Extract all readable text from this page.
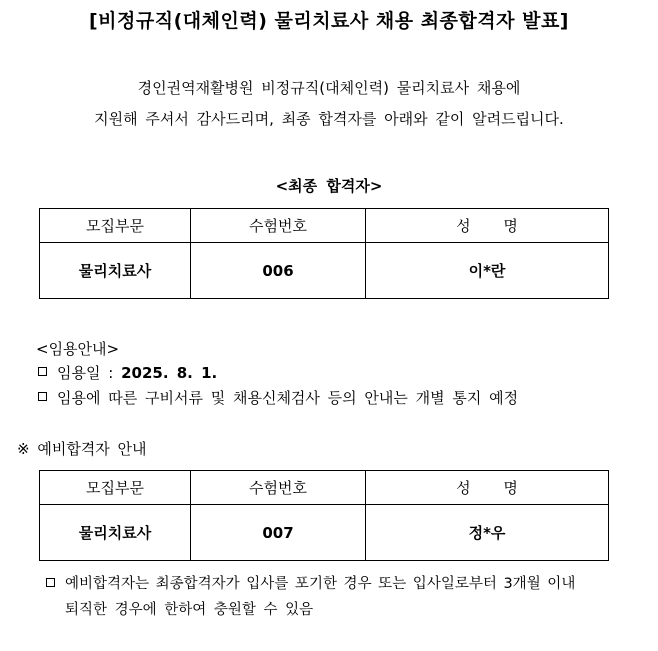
[비정규직(대체인력) 물리치료사 채용 최종합격자 발표]
경인권역재활병원 비정규직(대체인력) 물리치료사 채용에
지원해 주셔서 감사드리며, 최종 합격자를 아래와 같이 알려드립니다.
<최종 합격자>
모집부문	수험번호	성 명
물리치료사	006	이*란
<임용안내>
임용일 : 2025. 8. 1.
임용에 따른 구비서류 및 채용신체검사 등의 안내는 개별 통지 예정
※ 예비합격자 안내
모집부문	수험번호	성 명
물리치료사	007	정*우
예비합격자는 최종합격자가 입사를 포기한 경우 또는 입사일로부터 3개월 이내
퇴직한 경우에 한하여 충원할 수 있음
